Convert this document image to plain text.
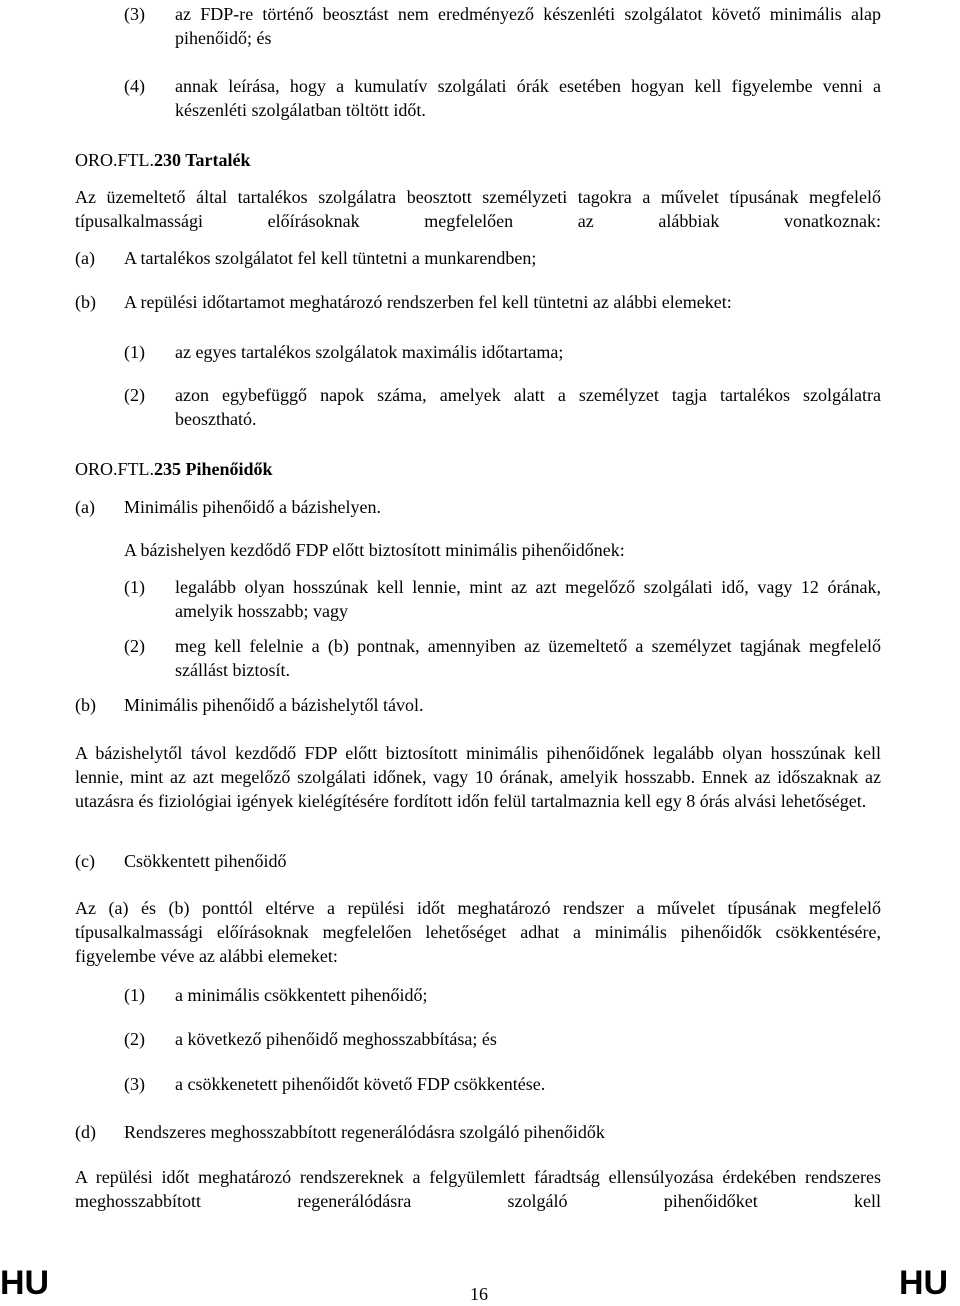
(3) az FDP-re történő beosztást nem eredményező készenléti szolgálatot követő minimális alap pihenőidő; és
(4) annak leírása, hogy a kumulatív szolgálati órák esetében hogyan kell figyelembe venni a készenléti szolgálatban töltött időt.
ORO.FTL.230 Tartalék
Az üzemeltető által tartalékos szolgálatra beosztott személyzeti tagokra a művelet típusának megfelelő típusalkalmassági előírásoknak megfelelően az alábbiak vonatkoznak:
(a) A tartalékos szolgálatot fel kell tüntetni a munkarendben;
(b) A repülési időtartamot meghatározó rendszerben fel kell tüntetni az alábbi elemeket:
(1) az egyes tartalékos szolgálatok maximális időtartama;
(2) azon egybefüggő napok száma, amelyek alatt a személyzet tagja tartalékos szolgálatra beosztható.
ORO.FTL.235 Pihenőidők
(a) Minimális pihenőidő a bázishelyen.
A bázishelyen kezdődő FDP előtt biztosított minimális pihenőidőnek:
(1) legalább olyan hosszúnak kell lennie, mint az azt megelőző szolgálati idő, vagy 12 órának, amelyik hosszabb; vagy
(2) meg kell felelnie a (b) pontnak, amennyiben az üzemeltető a személyzet tagjának megfelelő szállást biztosít.
(b) Minimális pihenőidő a bázishelytől távol.
A bázishelytől távol kezdődő FDP előtt biztosított minimális pihenőidőnek legalább olyan hosszúnak kell lennie, mint az azt megelőző szolgálati időnek, vagy 10 órának, amelyik hosszabb. Ennek az időszaknak az utazásra és fiziológiai igények kielégítésére fordított időn felül tartalmaznia kell egy 8 órás alvási lehetőséget.
(c) Csökkentett pihenőidő
Az (a) és (b) ponttól eltérve a repülési időt meghatározó rendszer a művelet típusának megfelelő típusalkalmassági előírásoknak megfelelően lehetőséget adhat a minimális pihenőidők csökkentésére, figyelembe véve az alábbi elemeket:
(1) a minimális csökkentett pihenőidő;
(2) a következő pihenőidő meghosszabbítása; és
(3) a csökkenetett pihenőidőt követő FDP csökkentése.
(d) Rendszeres meghosszabbított regenerálódásra szolgáló pihenőidők
A repülési időt meghatározó rendszereknek a felgyülemlett fáradtság ellensúlyozása érdekében rendszeres meghosszabbított regenerálódásra szolgáló pihenőidőket kell
HU	16	HU
